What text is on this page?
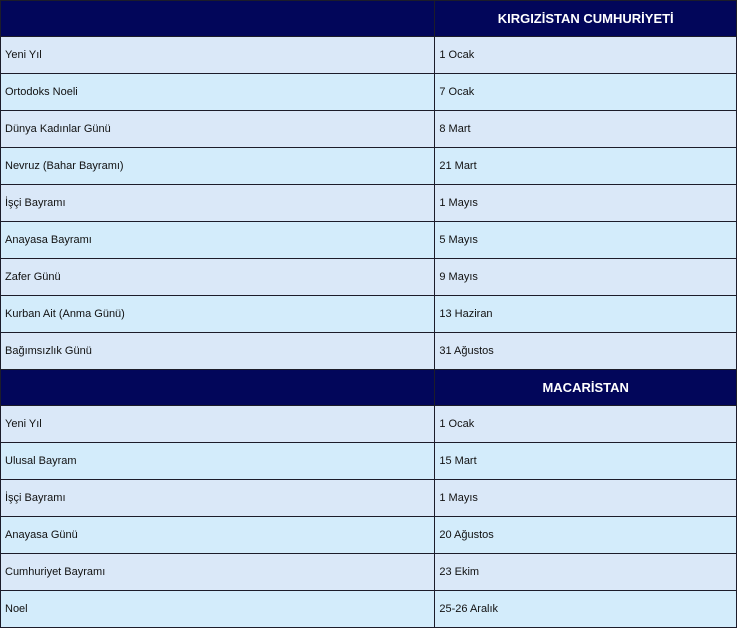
	KIRGIZİSTAN CUMHURİYETİ
Yeni Yıl	1 Ocak
Ortodoks Noeli	7 Ocak
Dünya Kadınlar Günü	8 Mart
Nevruz (Bahar Bayramı)	21 Mart
İşçi Bayramı	1 Mayıs
Anayasa Bayramı	5 Mayıs
Zafer Günü	9 Mayıs
Kurban Ait (Anma Günü)	13 Haziran
Bağımsızlık Günü	31 Ağustos
	MACARİSTAN
Yeni Yıl	1 Ocak
Ulusal Bayram	15 Mart
İşçi Bayramı	1 Mayıs
Anayasa Günü	20 Ağustos
Cumhuriyet Bayramı	23 Ekim
Noel	25-26 Aralık
